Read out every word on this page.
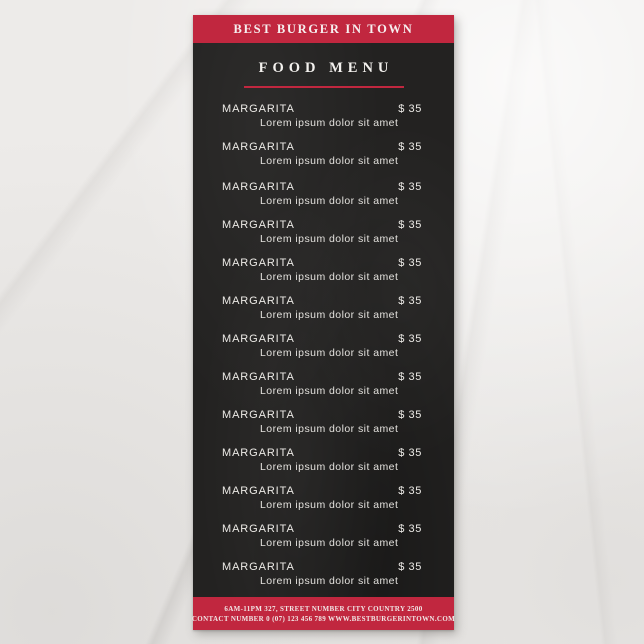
BEST BURGER IN TOWN
FOOD MENU
MARGARITA	$ 35
Lorem ipsum dolor sit amet
MARGARITA	$ 35
Lorem ipsum dolor sit amet
MARGARITA	$ 35
Lorem ipsum dolor sit amet
MARGARITA	$ 35
Lorem ipsum dolor sit amet
MARGARITA	$ 35
Lorem ipsum dolor sit amet
MARGARITA	$ 35
Lorem ipsum dolor sit amet
MARGARITA	$ 35
Lorem ipsum dolor sit amet
MARGARITA	$ 35
Lorem ipsum dolor sit amet
MARGARITA	$ 35
Lorem ipsum dolor sit amet
MARGARITA	$ 35
Lorem ipsum dolor sit amet
MARGARITA	$ 35
Lorem ipsum dolor sit amet
MARGARITA	$ 35
Lorem ipsum dolor sit amet
MARGARITA	$ 35
Lorem ipsum dolor sit amet
6AM-11PM 327, STREET NUMBER CITY COUNTRY 2500
CONTACT NUMBER 0 (07) 123 456 789 WWW.BESTBURGERINTOWN.COM
